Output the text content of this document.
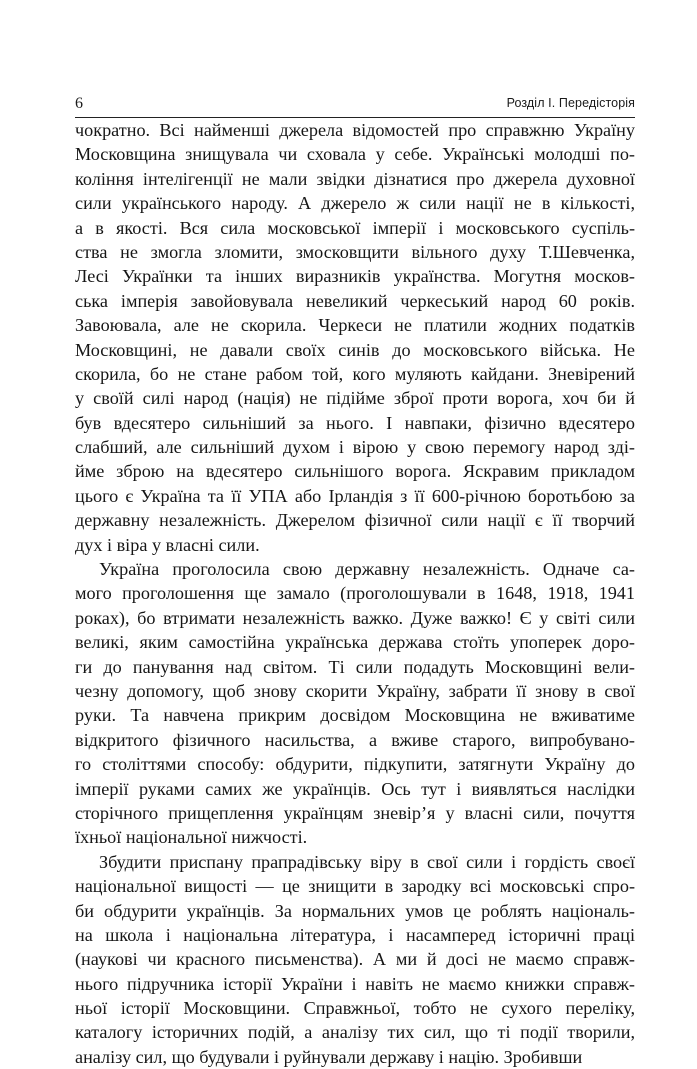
6	Розділ І. Передісторія
чократно. Всі найменші джерела відомостей про справжню Україну
Московщина знищувала чи сховала у себе. Українські молодші по-
коління інтелігенції не мали звідки дізнатися про джерела духовної
сили українського народу. А джерело ж сили нації не в кількості,
а в якості. Вся сила московської імперії і московського суспіль-
ства не змогла зломити, змосковщити вільного духу Т.Шевченка,
Лесі Українки та інших виразників українства. Могутня москов-
ська імперія завойовувала невеликий черкеський народ 60 років.
Завоювала, але не скорила. Черкеси не платили жодних податків
Московщині, не давали своїх синів до московського війська. Не
скорила, бо не стане рабом той, кого муляють кайдани. Зневірений
у своїй силі народ (нація) не підійме зброї проти ворога, хоч би й
був вдесятеро сильніший за нього. І навпаки, фізично вдесятеро
слабший, але сильніший духом і вірою у свою перемогу народ здi-
йме зброю на вдесятеро сильнішого ворога. Яскравим прикладом
цього є Україна та її УПА або Ірландія з її 600-річною боротьбою за
державну незалежність. Джерелом фізичної сили нації є її творчий
дух і віра у власні сили.
Україна проголосила свою державну незалежність. Одначе са-
мого проголошення ще замало (проголошували в 1648, 1918, 1941
роках), бо втримати незалежність важко. Дуже важко! Є у світі сили
великі, яким самостійна українська держава стоїть упоперек доро-
ги до панування над світом. Ті сили подадуть Московщині вели-
чезну допомогу, щоб знову скорити Україну, забрати її знову в свої
руки. Та навчена прикрим досвідом Московщина не вживатиме
відкритого фізичного насильства, а вживе старого, випробувано-
го століттями способу: обдурити, підкупити, затягнути Україну до
імперії руками самих же українців. Ось тут і виявляться наслідки
сторічного прищеплення українцям зневір’я у власні сили, почуття
їхньої національної нижчості.
Збудити приспану прапрадівську віру в свої сили і гордість своєї
національної вищості — це знищити в зародку всі московські спро-
би обдурити українців. За нормальних умов це роблять національ-
на школа і національна література, і насамперед історичні праці
(наукові чи красного письменства). А ми й досі не маємо справж-
нього підручника історії України і навіть не маємо книжки справж-
ньої історії Московщини. Справжньої, тобто не сухого переліку,
каталогу історичних подій, а аналізу тих сил, що ті події творили,
аналізу сил, що будували і руйнували державу і націю. Зробивши
